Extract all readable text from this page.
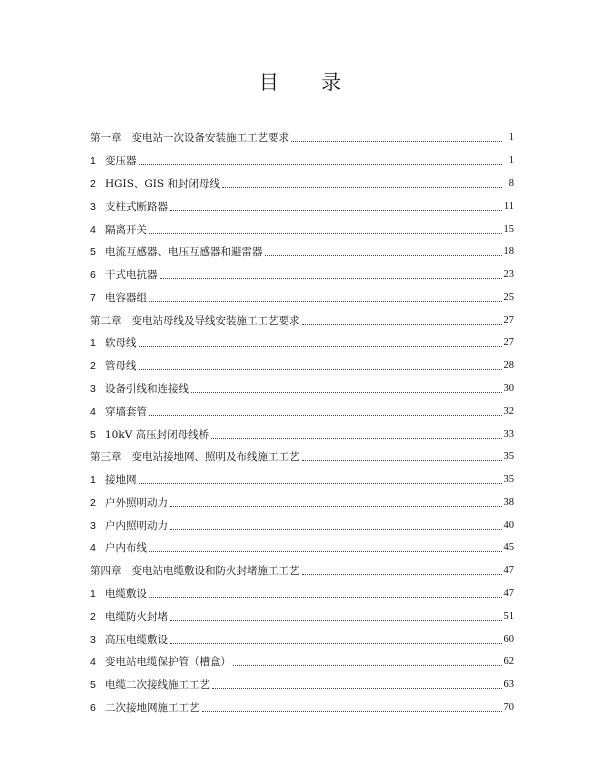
目 录
第一章 变电站一次设备安装施工工艺要求	1
1 变压器	1
2 HGIS、GIS 和封闭母线	8
3 支柱式断路器	11
4 隔离开关	15
5 电流互感器、电压互感器和避雷器	18
6 干式电抗器	23
7 电容器组	25
第二章 变电站母线及导线安装施工工艺要求	27
1 软母线	27
2 管母线	28
3 设备引线和连接线	30
4 穿墙套管	32
5 10kV 高压封闭母线桥	33
第三章 变电站接地网、照明及布线施工工艺	35
1 接地网	35
2 户外照明动力	38
3 户内照明动力	40
4 户内布线	45
第四章 变电站电缆敷设和防火封堵施工工艺	47
1 电缆敷设	47
2 电缆防火封堵	51
3 高压电缆敷设	60
4 变电站电缆保护管（槽盒）	62
5 电缆二次接线施工工艺	63
6 二次接地网施工工艺	70
